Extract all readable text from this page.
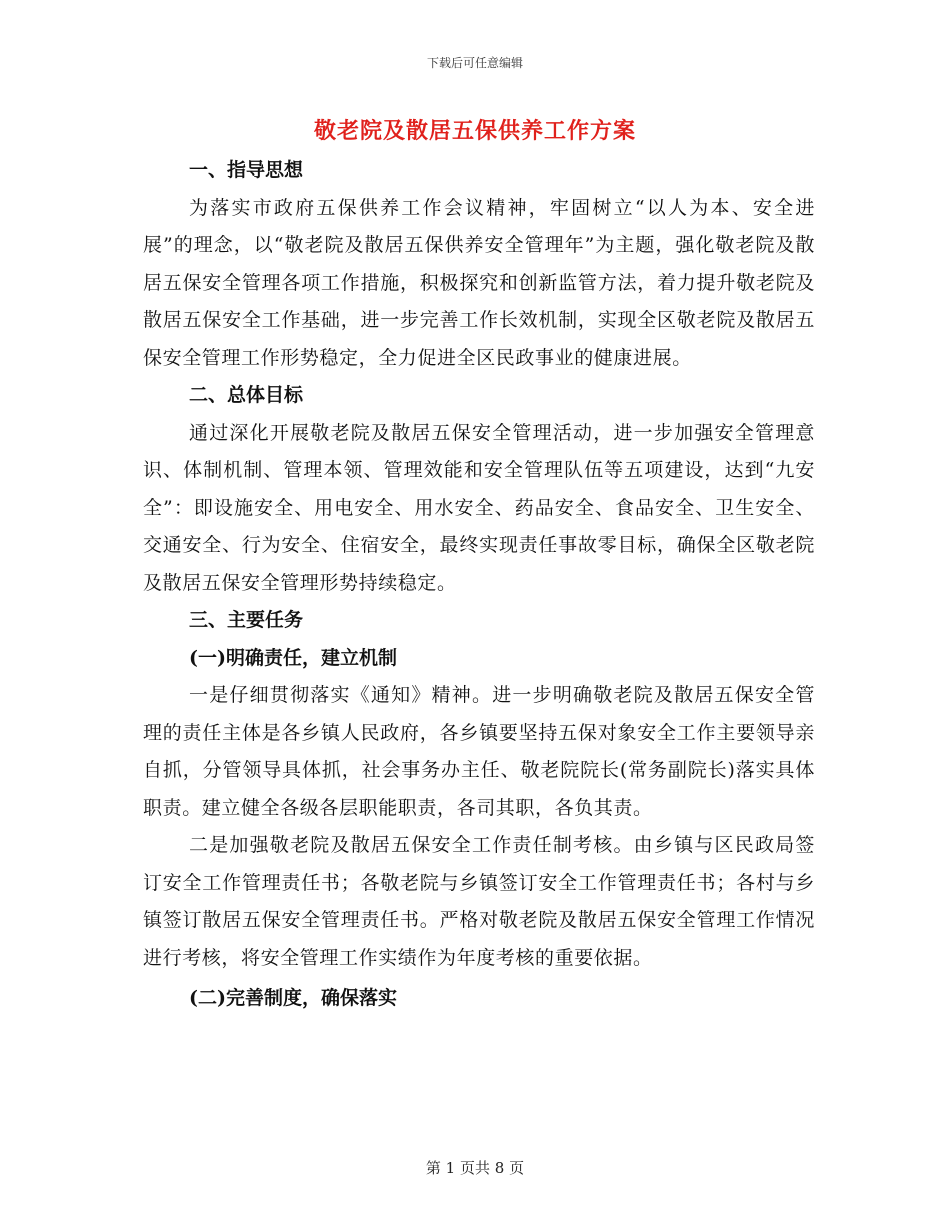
下载后可任意编辑
敬老院及散居五保供养工作方案

一、指导思想

为落实市政府五保供养工作会议精神，牢固树立“以人为本、安全进展”的理念，以“敬老院及散居五保供养安全管理年”为主题，强化敬老院及散居五保安全管理各项工作措施，积极探究和创新监管方法，着力提升敬老院及散居五保安全工作基础，进一步完善工作长效机制，实现全区敬老院及散居五保安全管理工作形势稳定，全力促进全区民政事业的健康进展。

二、总体目标

通过深化开展敬老院及散居五保安全管理活动，进一步加强安全管理意识、体制机制、管理本领、管理效能和安全管理队伍等五项建设，达到“九安全”：即设施安全、用电安全、用水安全、药品安全、食品安全、卫生安全、交通安全、行为安全、住宿安全，最终实现责任事故零目标，确保全区敬老院及散居五保安全管理形势持续稳定。

三、主要任务

(一)明确责任，建立机制

一是仔细贯彻落实《通知》精神。进一步明确敬老院及散居五保安全管理的责任主体是各乡镇人民政府，各乡镇要坚持五保对象安全工作主要领导亲自抓，分管领导具体抓，社会事务办主任、敬老院院长(常务副院长)落实具体职责。建立健全各级各层职能职责，各司其职，各负其责。

二是加强敬老院及散居五保安全工作责任制考核。由乡镇与区民政局签订安全工作管理责任书；各敬老院与乡镇签订安全工作管理责任书；各村与乡镇签订散居五保安全管理责任书。严格对敬老院及散居五保安全管理工作情况进行考核，将安全管理工作实绩作为年度考核的重要依据。

(二)完善制度，确保落实

第 1 页共 8 页
